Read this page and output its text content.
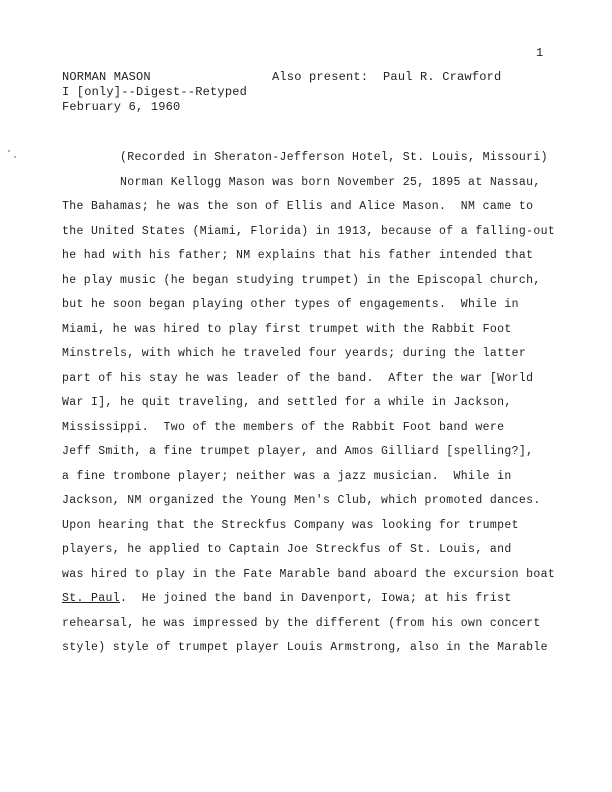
1
NORMAN MASON
I [only]--Digest--Retyped
February 6, 1960
Also present:  Paul R. Crawford
(Recorded in Sheraton-Jefferson Hotel, St. Louis, Missouri)
Norman Kellogg Mason was born November 25, 1895 at Nassau,
The Bahamas; he was the son of Ellis and Alice Mason.  NM came to
the United States (Miami, Florida) in 1913, because of a falling-out
he had with his father; NM explains that his father intended that
he play music (he began studying trumpet) in the Episcopal church,
but he soon began playing other types of engagements.  While in
Miami, he was hired to play first trumpet with the Rabbit Foot
Minstrels, with which he traveled four yeards; during the latter
part of his stay he was leader of the band.  After the war [World
War I], he quit traveling, and settled for a while in Jackson,
Mississippi.  Two of the members of the Rabbit Foot band were
Jeff Smith, a fine trumpet player, and Amos Gilliard [spelling?],
a fine trombone player; neither was a jazz musician.  While in
Jackson, NM organized the Young Men's Club, which promoted dances.
Upon hearing that the Streckfus Company was looking for trumpet
players, he applied to Captain Joe Streckfus of St. Louis, and
was hired to play in the Fate Marable band aboard the excursion boat
St. Paul.  He joined the band in Davenport, Iowa; at his frist
rehearsal, he was impressed by the different (from his own concert
style) style of trumpet player Louis Armstrong, also in the Marable
